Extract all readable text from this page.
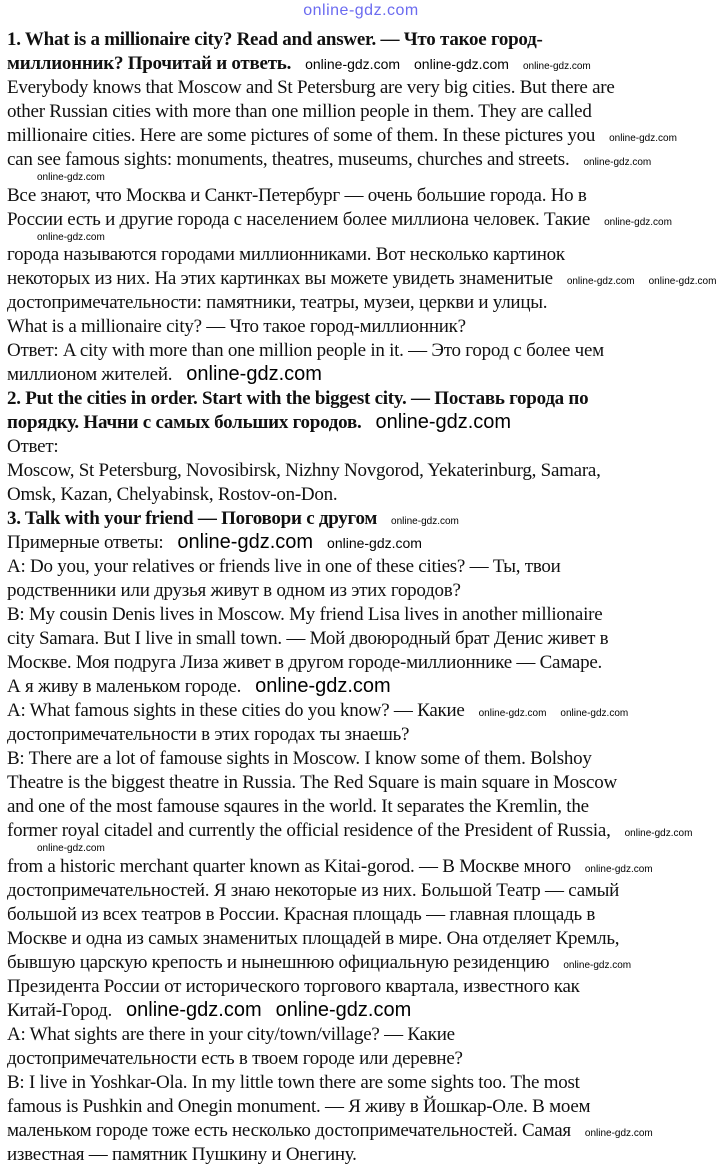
online-gdz.com
1. What is a millionaire city? Read and answer. — Что такое город-
миллионник? Прочитай и ответь. online-gdz.com online-gdz.com online-gdz.com
Everybody knows that Moscow and St Petersburg are very big cities. But there are
other Russian cities with more than one million people in them. They are called
millionaire cities. Here are some pictures of some of them. In these pictures you online-gdz.com
can see famous sights: monuments, theatres, museums, churches and streets. online-gdz.com
online-gdz.com
Все знают, что Москва и Санкт-Петербург — очень большие города. Но в
России есть и другие города с населением более миллиона человек. Такие online-gdz.com
online-gdz.com
города называются городами миллионниками. Вот несколько картинок
некоторых из них. На этих картинках вы можете увидеть знаменитые online-gdz.com online-gdz.com
достопримечательности: памятники, театры, музеи, церкви и улицы.
What is a millionaire city? — Что такое город-миллионник?
Ответ: A city with more than one million people in it. — Это город с более чем
миллионом жителей. online-gdz.com
2. Put the cities in order. Start with the biggest city. — Поставь города по
порядку. Начни с самых больших городов. online-gdz.com
Ответ:
Moscow, St Petersburg, Novosibirsk, Nizhny Novgorod, Yekaterinburg, Samara,
Omsk, Kazan, Chelyabinsk, Rostov-on-Don.
3. Talk with your friend — Поговори с другом online-gdz.com
Примерные ответы: online-gdz.com online-gdz.com
A: Do you, your relatives or friends live in one of these cities? — Ты, твои
родственники или друзья живут в одном из этих городов?
B: My cousin Denis lives in Moscow. My friend Lisa lives in another millionaire
city Samara. But I live in small town. — Мой двоюродный брат Денис живет в
Москве. Моя подруга Лиза живет в другом городе-миллионнике — Самаре.
А я живу в маленьком городе. online-gdz.com
A: What famous sights in these cities do you know? — Какие online-gdz.com online-gdz.com
достопримечательности в этих городах ты знаешь?
B: There are a lot of famouse sights in Moscow. I know some of them. Bolshoy
Theatre is the biggest theatre in Russia. The Red Square is main square in Moscow
and one of the most famouse sqaures in the world. It separates the Kremlin, the
former royal citadel and currently the official residence of the President of Russia, online-gdz.com
online-gdz.com
from a historic merchant quarter known as Kitai-gorod. — В Москве много online-gdz.com
достопримечательностей. Я знаю некоторые из них. Большой Театр — самый
большой из всех театров в России. Красная площадь — главная площадь в
Москве и одна из самых знаменитых площадей в мире. Она отделяет Кремль,
бывшую царскую крепость и нынешнюю официальную резиденцию online-gdz.com
Президента России от исторического торгового квартала, известного как
Китай-Город. online-gdz.com online-gdz.com
A: What sights are there in your city/town/village? — Какие
достопримечательности есть в твоем городе или деревне?
B: I live in Yoshkar-Ola. In my little town there are some sights too. The most
famous is Pushkin and Onegin monument. — Я живу в Йошкар-Оле. В моем
маленьком городе тоже есть несколько достопримечательностей. Самая online-gdz.com
известная — памятник Пушкину и Онегину.
